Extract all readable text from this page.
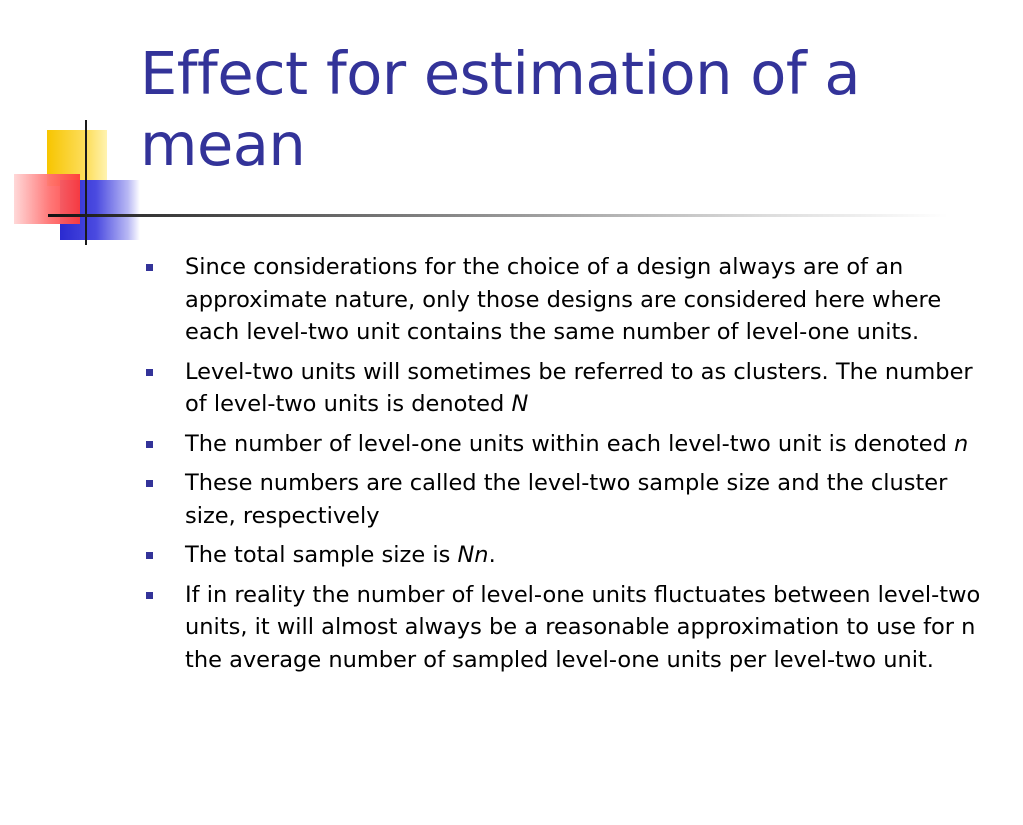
Effect for estimation of a mean
Since considerations for the choice of a design always are of an approximate nature, only those designs are considered here where each level-two unit contains the same number of level-one units.
Level-two units will sometimes be referred to as clusters. The number of level-two units is denoted N
The number of level-one units within each level-two unit is denoted n
These numbers are called the level-two sample size and the cluster size, respectively
The total sample size is Nn.
If in reality the number of level-one units fluctuates between level-two units, it will almost always be a reasonable approximation to use for n the average number of sampled level-one units per level-two unit.
